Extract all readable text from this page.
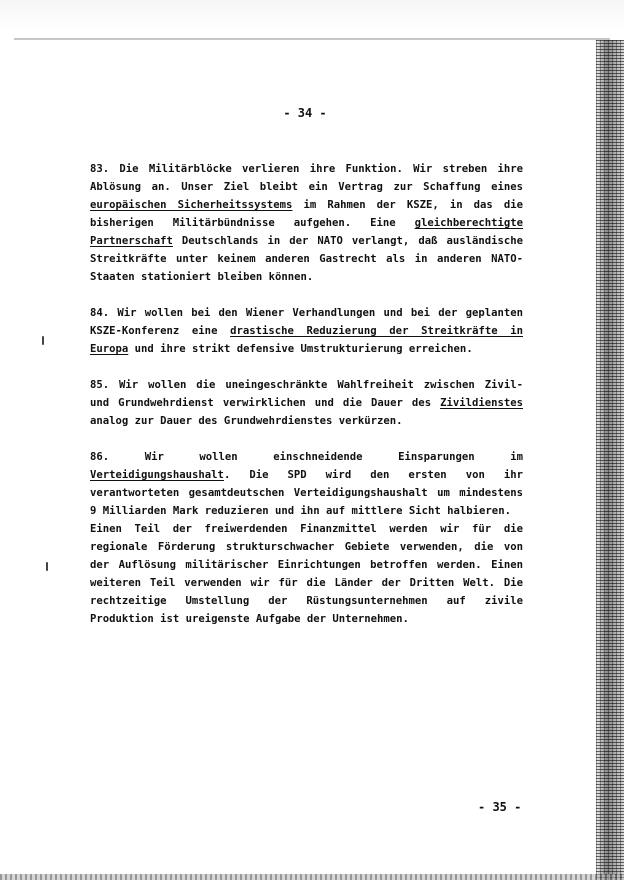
- 34 -

83. Die Militärblöcke verlieren ihre Funktion. Wir streben ihre Ablösung an. Unser Ziel bleibt ein Vertrag zur Schaffung eines europäischen Sicherheitssystems im Rahmen der KSZE, in das die bisherigen Militärbündnisse aufgehen. Eine gleichberechtigte Partnerschaft Deutschlands in der NATO verlangt, daß ausländische Streitkräfte unter keinem anderen Gastrecht als in anderen NATO-Staaten stationiert bleiben können.

84. Wir wollen bei den Wiener Verhandlungen und bei der geplanten KSZE-Konferenz eine drastische Reduzierung der Streitkräfte in Europa und ihre strikt defensive Umstrukturierung erreichen.

85. Wir wollen die uneingeschränkte Wahlfreiheit zwischen Zivil- und Grundwehrdienst verwirklichen und die Dauer des Zivildienstes analog zur Dauer des Grundwehrdienstes verkürzen.

86. Wir wollen einschneidende Einsparungen im Verteidigungshaushalt. Die SPD wird den ersten von ihr verantworteten gesamtdeutschen Verteidigungshaushalt um mindestens 9 Milliarden Mark reduzieren und ihn auf mittlere Sicht halbieren.

Einen Teil der freiwerdenden Finanzmittel werden wir für die regionale Förderung strukturschwacher Gebiete verwenden, die von der Auflösung militärischer Einrichtungen betroffen werden. Einen weiteren Teil verwenden wir für die Länder der Dritten Welt. Die rechtzeitige Umstellung der Rüstungsunternehmen auf zivile Produktion ist ureigenste Aufgabe der Unternehmen.

- 35 -
